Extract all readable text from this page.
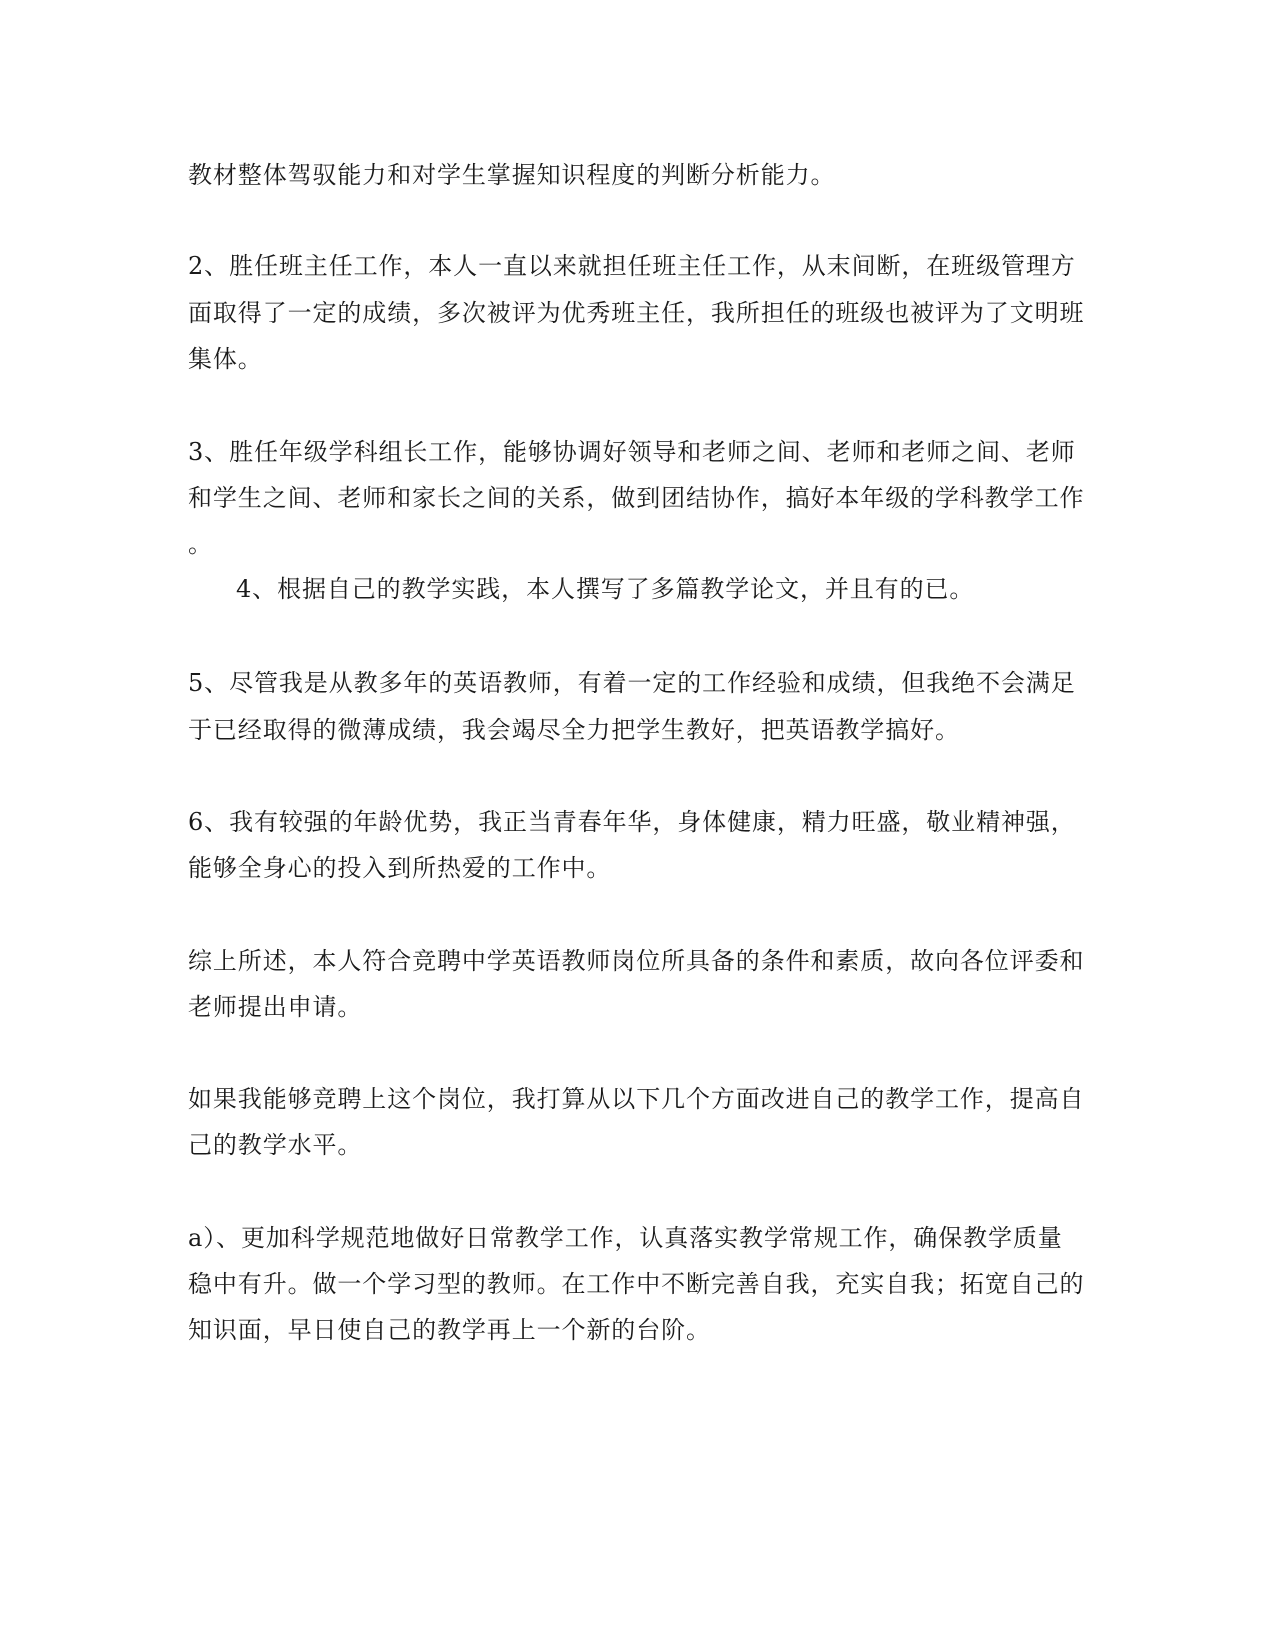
教材整体驾驭能力和对学生掌握知识程度的判断分析能力。
2、胜任班主任工作，本人一直以来就担任班主任工作，从末间断，在班级管理方
面取得了一定的成绩，多次被评为优秀班主任，我所担任的班级也被评为了文明班
集体。
3、胜任年级学科组长工作，能够协调好领导和老师之间、老师和老师之间、老师
和学生之间、老师和家长之间的关系，做到团结协作，搞好本年级的学科教学工作
。
4、根据自己的教学实践，本人撰写了多篇教学论文，并且有的已。
5、尽管我是从教多年的英语教师，有着一定的工作经验和成绩，但我绝不会满足
于已经取得的微薄成绩，我会竭尽全力把学生教好，把英语教学搞好。
6、我有较强的年龄优势，我正当青春年华，身体健康，精力旺盛，敬业精神强，
能够全身心的投入到所热爱的工作中。
综上所述，本人符合竞聘中学英语教师岗位所具备的条件和素质，故向各位评委和
老师提出申请。
如果我能够竞聘上这个岗位，我打算从以下几个方面改进自己的教学工作，提高自
己的教学水平。
a）、更加科学规范地做好日常教学工作，认真落实教学常规工作，确保教学质量
稳中有升。做一个学习型的教师。在工作中不断完善自我，充实自我；拓宽自己的
知识面，早日使自己的教学再上一个新的台阶。
